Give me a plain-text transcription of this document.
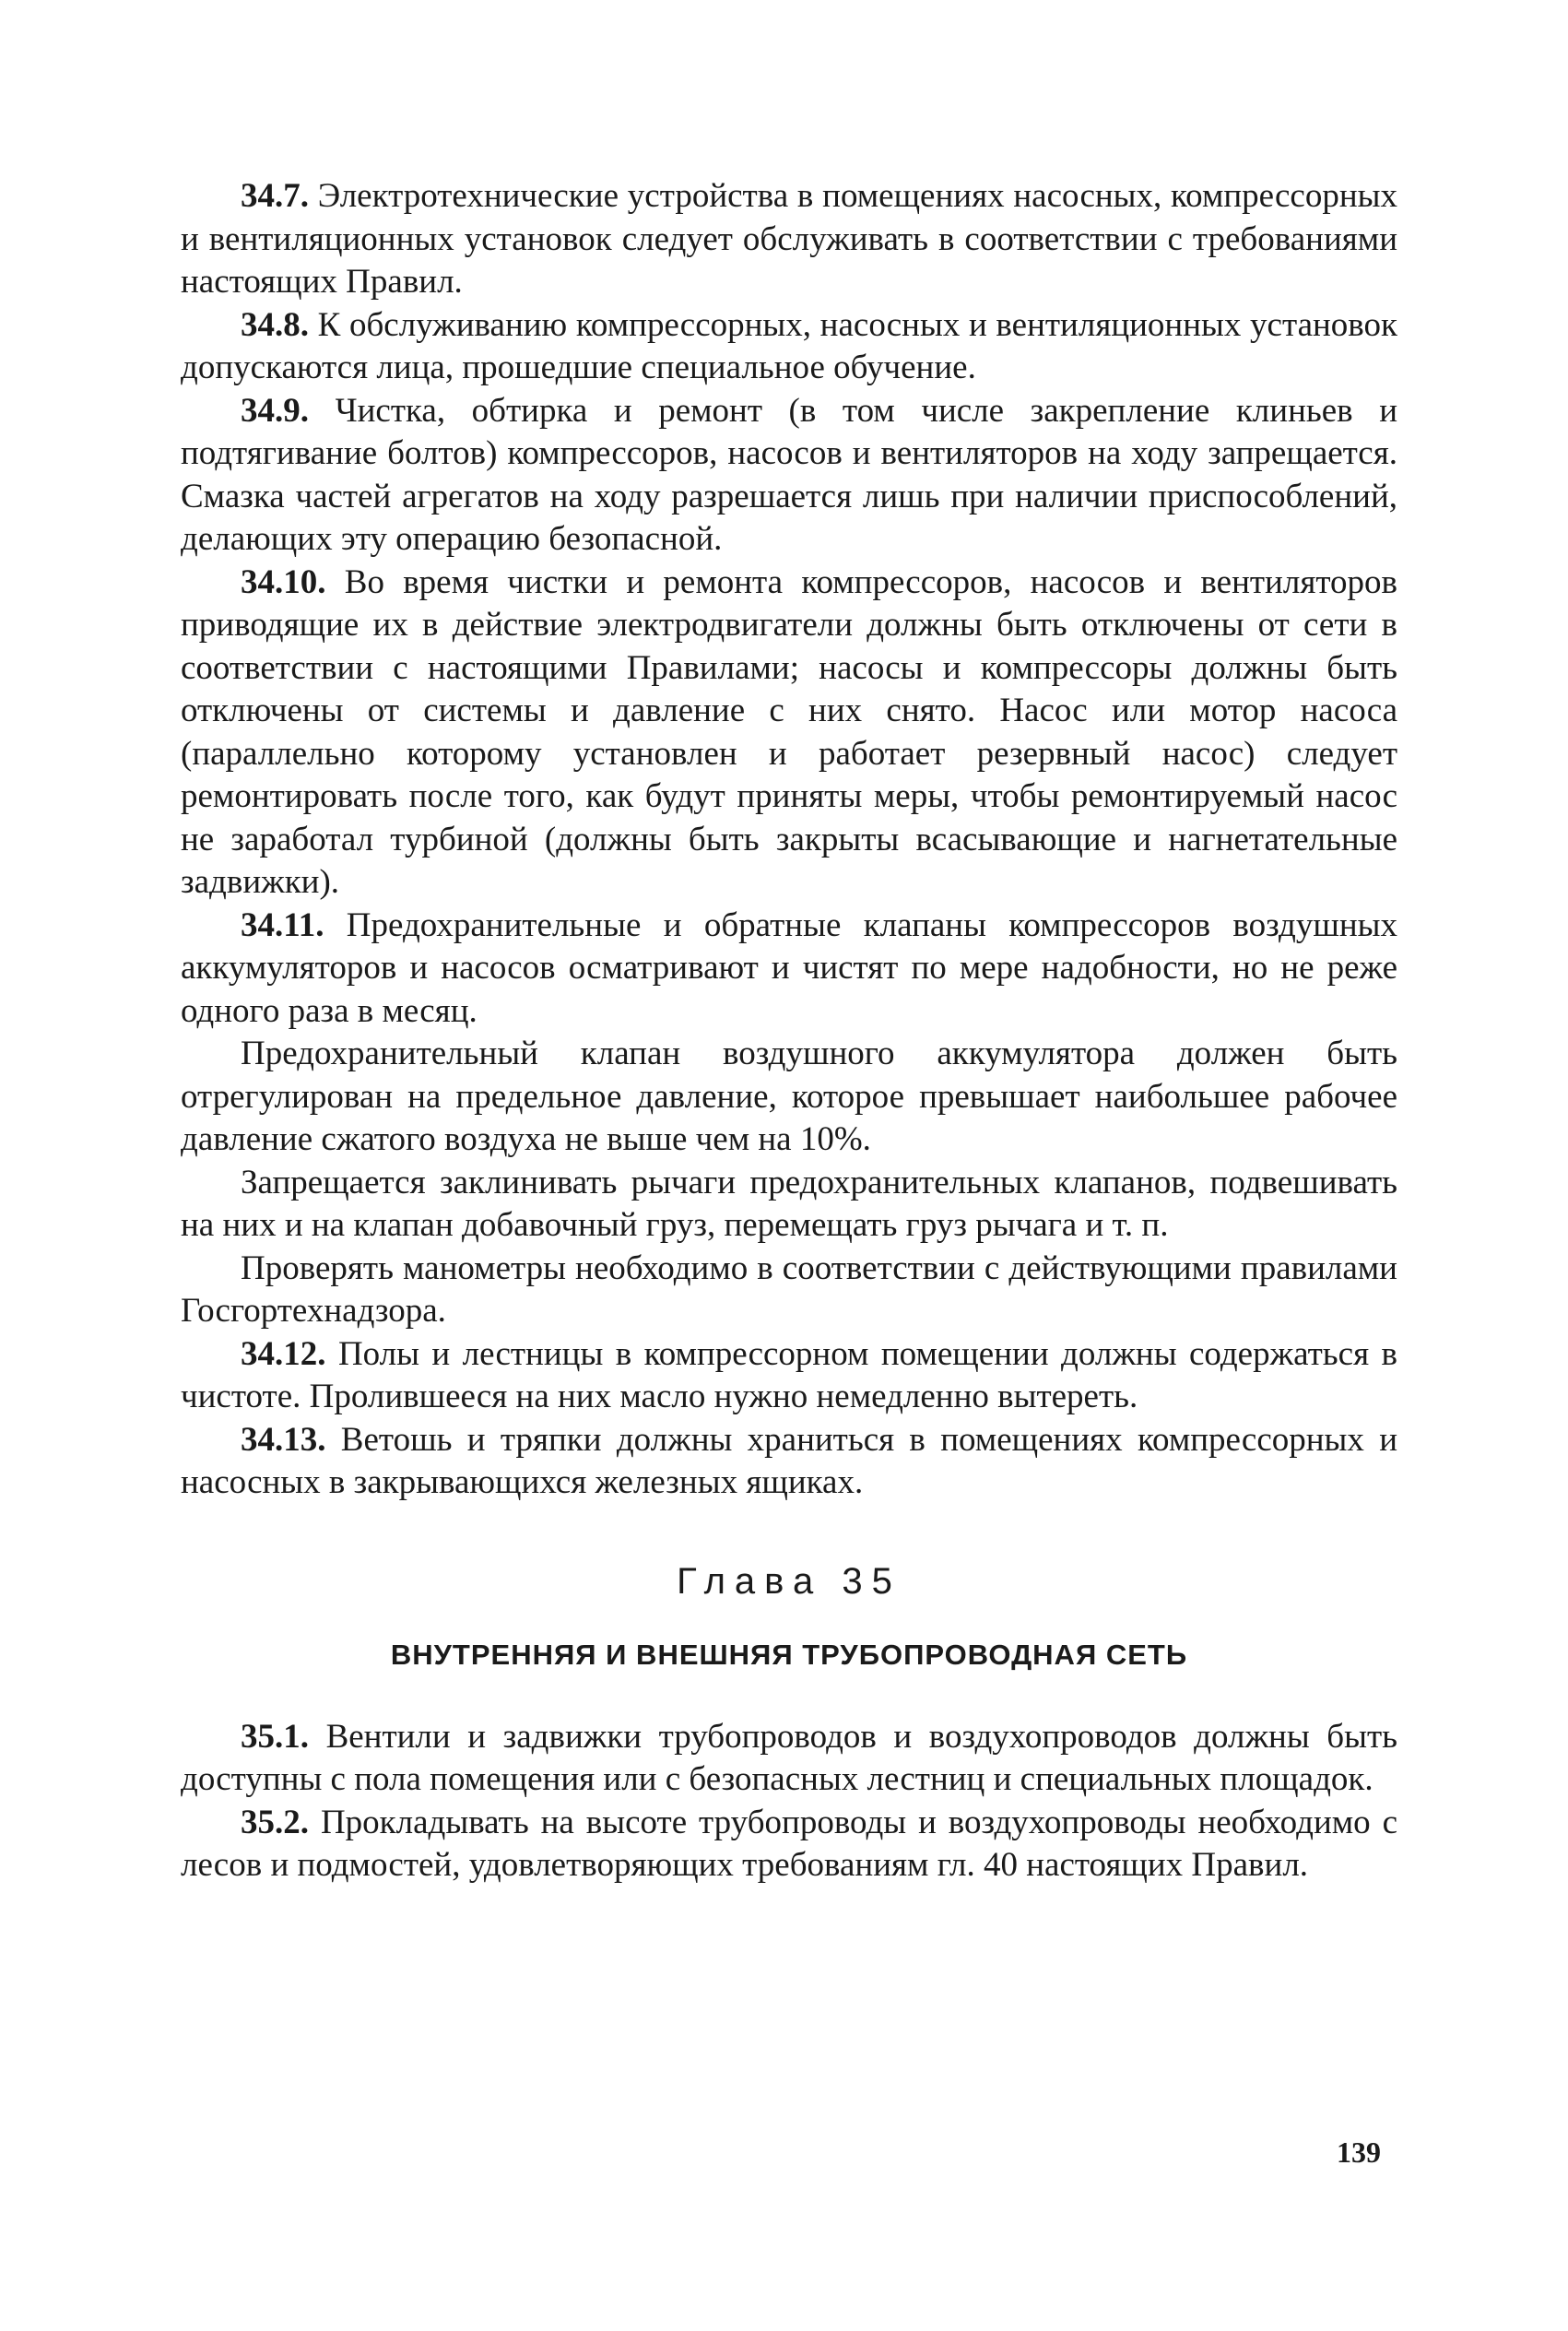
34.7. Электротехнические устройства в помещениях насосных, компрессорных и вентиляционных установок следует обслуживать в соответствии с требованиями настоящих Правил.

34.8. К обслуживанию компрессорных, насосных и вентиляционных установок допускаются лица, прошедшие специальное обучение.

34.9. Чистка, обтирка и ремонт (в том числе закрепление клиньев и подтягивание болтов) компрессоров, насосов и вентиляторов на ходу запрещается. Смазка частей агрегатов на ходу разрешается лишь при наличии приспособлений, делающих эту операцию безопасной.

34.10. Во время чистки и ремонта компрессоров, насосов и вентиляторов приводящие их в действие электродвигатели должны быть отключены от сети в соответствии с настоящими Правилами; насосы и компрессоры должны быть отключены от системы и давление с них снято. Насос или мотор насоса (параллельно которому установлен и работает резервный насос) следует ремонтировать после того, как будут приняты меры, чтобы ремонтируемый насос не заработал турбиной (должны быть закрыты всасывающие и нагнетательные задвижки).

34.11. Предохранительные и обратные клапаны компрессоров воздушных аккумуляторов и насосов осматривают и чистят по мере надобности, но не реже одного раза в месяц.

Предохранительный клапан воздушного аккумулятора должен быть отрегулирован на предельное давление, которое превышает наибольшее рабочее давление сжатого воздуха не выше чем на 10%.

Запрещается заклинивать рычаги предохранительных клапанов, подвешивать на них и на клапан добавочный груз, перемещать груз рычага и т. п.

Проверять манометры необходимо в соответствии с действующими правилами Госгортехнадзора.

34.12. Полы и лестницы в компрессорном помещении должны содержаться в чистоте. Пролившееся на них масло нужно немедленно вытереть.

34.13. Ветошь и тряпки должны храниться в помещениях компрессорных и насосных в закрывающихся железных ящиках.

Глава 35
ВНУТРЕННЯЯ И ВНЕШНЯЯ ТРУБОПРОВОДНАЯ СЕТЬ

35.1. Вентили и задвижки трубопроводов и воздухопроводов должны быть доступны с пола помещения или с безопасных лестниц и специальных площадок.

35.2. Прокладывать на высоте трубопроводы и воздухопроводы необходимо с лесов и подмостей, удовлетворяющих требованиям гл. 40 настоящих Правил.

139
